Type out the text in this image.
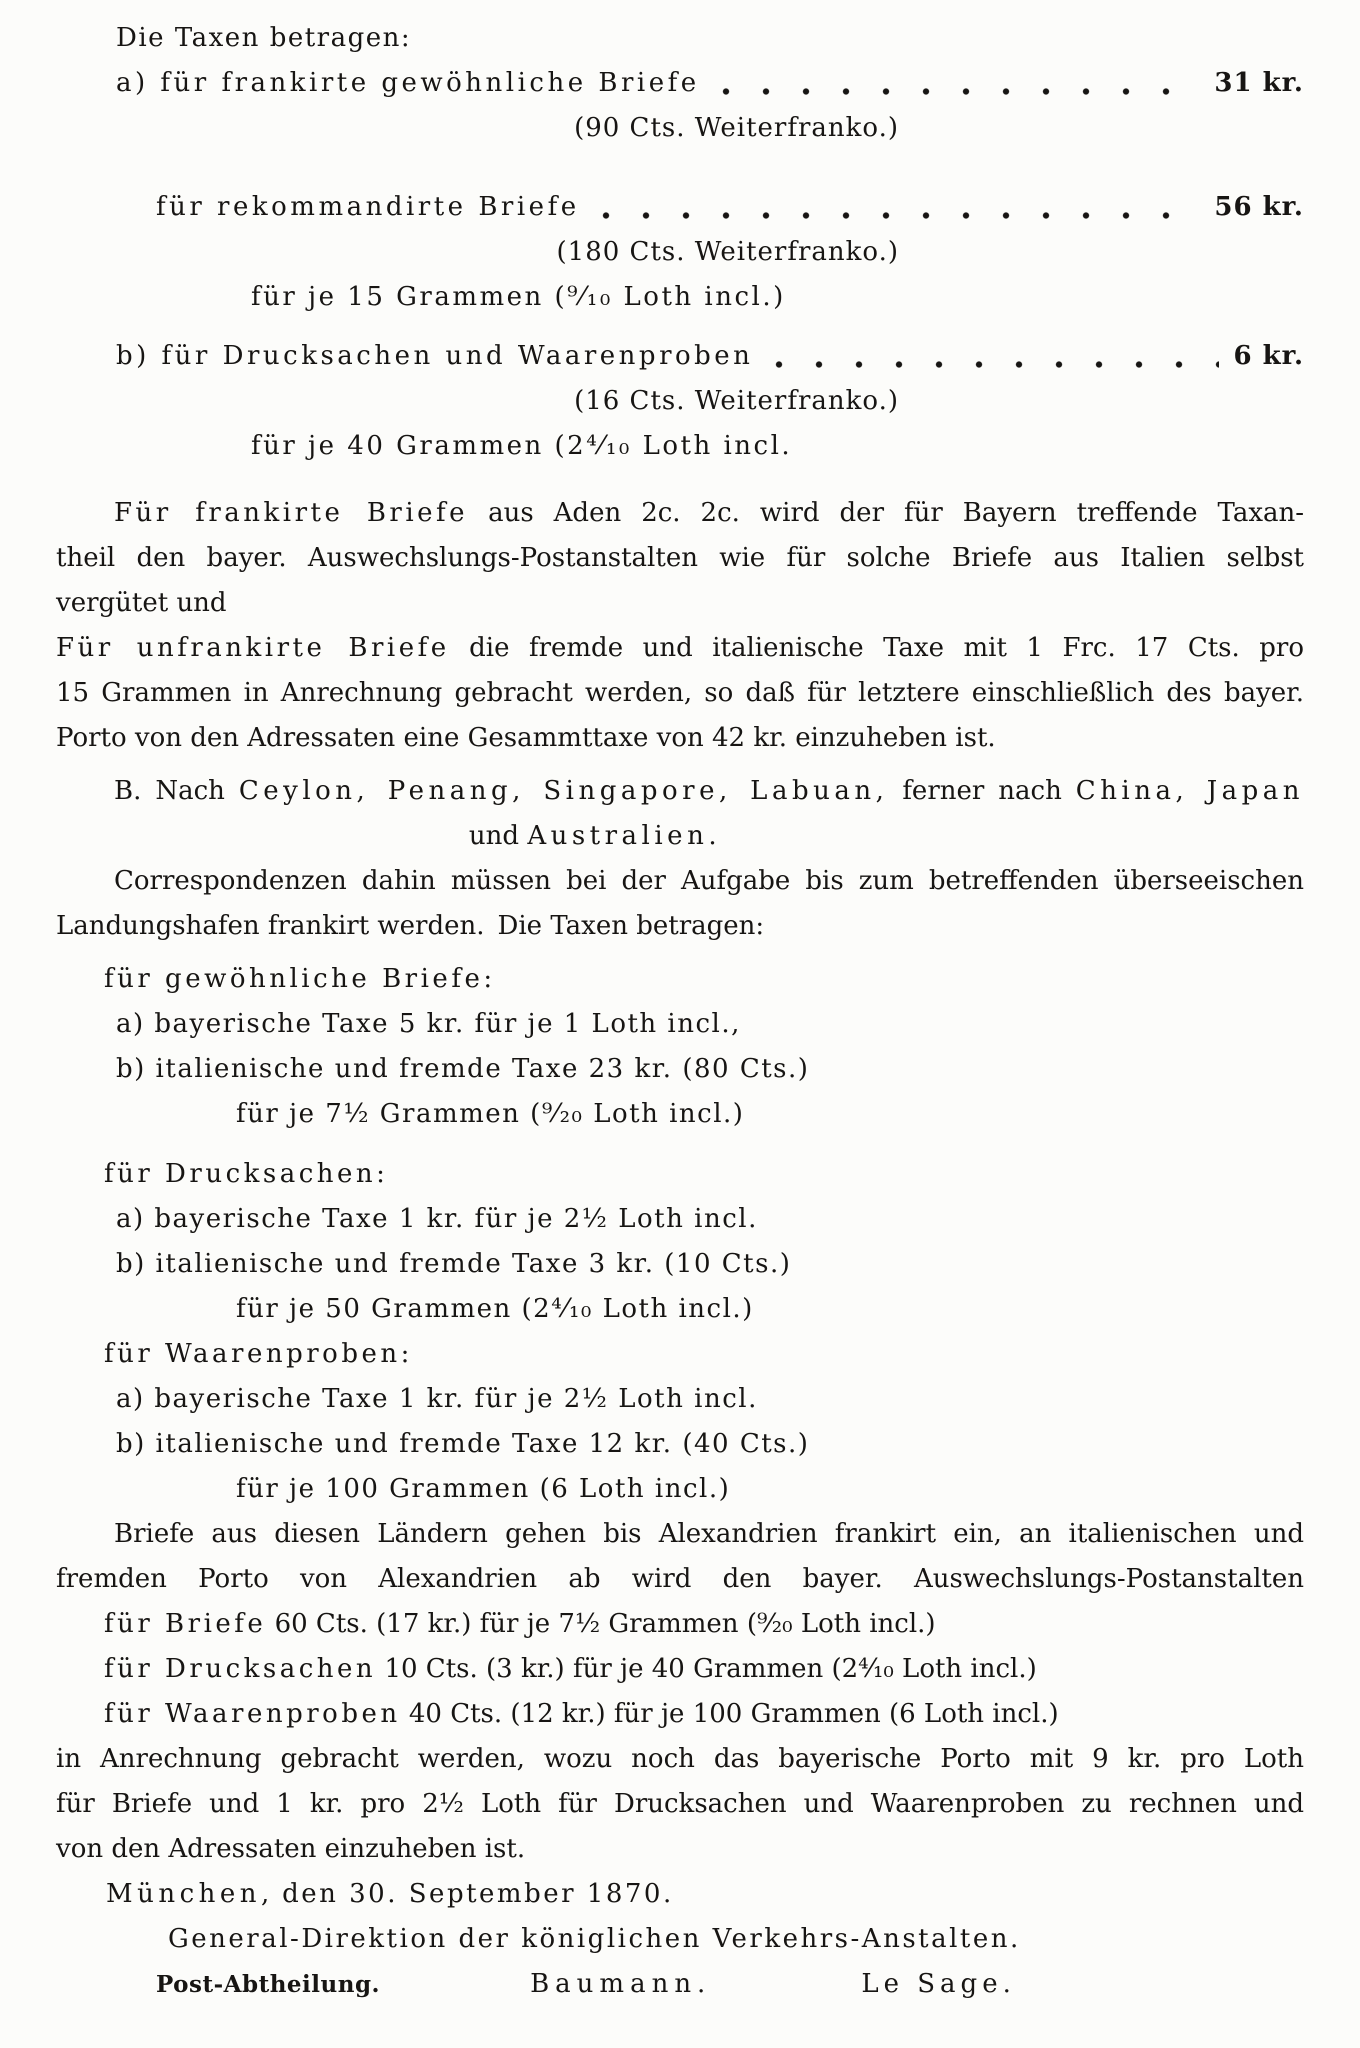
Die Taxen betragen:
a) für frankirte gewöhnliche Briefe	31 kr.
(90 Cts. Weiterfranko.)
für rekommandirte Briefe	56 kr.
(180 Cts. Weiterfranko.)
für je 15 Grammen (⁹⁄₁₀ Loth incl.)
b) für Drucksachen und Waarenproben	6 kr.
(16 Cts. Weiterfranko.)
für je 40 Grammen (2⁴⁄₁₀ Loth incl.
Für frankirte Briefe aus Aden 2c. 2c. wird der für Bayern treffende Taxan-
theil den bayer. Auswechslungs-Postanstalten wie für solche Briefe aus Italien selbst
vergütet und
Für unfrankirte Briefe die fremde und italienische Taxe mit 1 Frc. 17 Cts. pro
15 Grammen in Anrechnung gebracht werden, so daß für letztere einschließlich des bayer.
Porto von den Adressaten eine Gesammttaxe von 42 kr. einzuheben ist.
B. Nach Ceylon, Penang, Singapore, Labuan, ferner nach China, Japan
und Australien.
Correspondenzen dahin müssen bei der Aufgabe bis zum betreffenden überseeischen
Landungshafen frankirt werden. Die Taxen betragen:
für gewöhnliche Briefe:
a) bayerische Taxe 5 kr. für je 1 Loth incl.,
b) italienische und fremde Taxe 23 kr. (80 Cts.)
für je 7½ Grammen (⁹⁄₂₀ Loth incl.)
für Drucksachen:
a) bayerische Taxe 1 kr. für je 2½ Loth incl.
b) italienische und fremde Taxe 3 kr. (10 Cts.)
für je 50 Grammen (2⁴⁄₁₀ Loth incl.)
für Waarenproben:
a) bayerische Taxe 1 kr. für je 2½ Loth incl.
b) italienische und fremde Taxe 12 kr. (40 Cts.)
für je 100 Grammen (6 Loth incl.)
Briefe aus diesen Ländern gehen bis Alexandrien frankirt ein, an italienischen und
fremden Porto von Alexandrien ab wird den bayer. Auswechslungs-Postanstalten
für Briefe 60 Cts. (17 kr.) für je 7½ Grammen (⁹⁄₂₀ Loth incl.)
für Drucksachen 10 Cts. (3 kr.) für je 40 Grammen (2⁴⁄₁₀ Loth incl.)
für Waarenproben 40 Cts. (12 kr.) für je 100 Grammen (6 Loth incl.)
in Anrechnung gebracht werden, wozu noch das bayerische Porto mit 9 kr. pro Loth
für Briefe und 1 kr. pro 2½ Loth für Drucksachen und Waarenproben zu rechnen und
von den Adressaten einzuheben ist.
München, den 30. September 1870.
General-Direktion der königlichen Verkehrs-Anstalten.
Post-Abtheilung.	Baumann.	Le Sage.
